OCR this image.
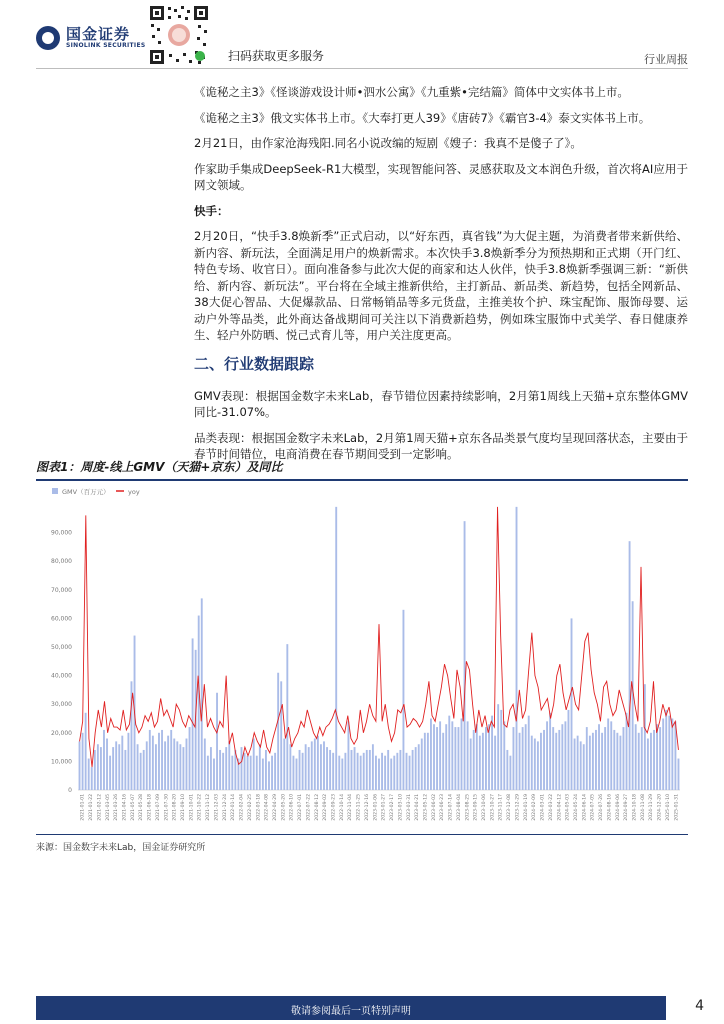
国金证券
SINOLINK SECURITIES
扫码获取更多服务	行业周报

《诡秘之主3》《怪谈游戏设计师•泗水公寓》《九重紫•完结篇》简体中文实体书上市。

《诡秘之主3》俄文实体书上市。《大奉打更人39》《唐砖7》《霸官3-4》泰文实体书上市。

2月21日，由作家沧海残阳.同名小说改编的短剧《嫂子：我真不是傻子了》。

作家助手集成DeepSeek-R1大模型，实现智能问答、灵感获取及文本润色升级，首次将AI应用于网文领域。

快手：

2月20日，“快手3.8焕新季”正式启动，以“好东西，真省钱”为大促主题，为消费者带来新供给、新内容、新玩法，全面满足用户的焕新需求。本次快手3.8焕新季分为预热期和正式期（开门红、特色专场、收官日）。面向准备参与此次大促的商家和达人伙伴，快手3.8焕新季强调三新：“新供给、新内容、新玩法”。平台将在全域主推新供给，主打新品、新品类、新趋势，包括全网新品、38大促心智品、大促爆款品、日常畅销品等多元货盘，主推美妆个护、珠宝配饰、服饰母婴、运动户外等品类，此外商达备战期间可关注以下消费新趋势，例如珠宝服饰中式美学、春日健康养生、轻户外防晒、悦己式育儿等，用户关注度更高。

二、行业数据跟踪

GMV表现：根据国金数字未来Lab，春节错位因素持续影响，2月第1周线上天猫+京东整体GMV同比-31.07%。

品类表现：根据国金数字未来Lab，2月第1周天猫+京东各品类景气度均呈现回落状态，主要由于春节时间错位，电商消费在春节期间受到一定影响。

图表1：周度-线上GMV（天猫+京东）及同比
GMV（百万元）	yoy
0
10,000
20,000
30,000
40,000
50,000
60,000
70,000
80,000
90,000
2021-01-01 2021-01-22 2021-02-12 2021-03-05 2021-03-26 2021-04-16 2021-05-07 2021-05-28 2021-06-18 2021-07-09 2021-07-30 2021-08-20 2021-09-10 2021-10-01 2021-10-22 2021-11-12 2021-12-03 2021-12-24 2022-01-14 2022-02-04 2022-02-25 2022-03-18 2022-04-08 2022-04-29 2022-05-20 2022-06-10 2022-07-01 2022-07-22 2022-08-12 2022-09-02 2022-09-23 2022-10-14 2022-11-04 2022-11-25 2022-12-16 2023-01-06 2023-01-27 2023-02-17 2023-03-10 2023-03-31 2023-04-21 2023-05-12 2023-06-02 2023-06-23 2023-07-14 2023-08-04 2023-08-25 2023-09-15 2023-10-06 2023-10-27 2023-11-17 2023-12-08 2023-12-29 2024-01-19 2024-02-09 2024-03-01 2024-03-22 2024-04-12 2024-05-03 2024-05-24 2024-06-14 2024-07-05 2024-07-26 2024-08-16 2024-09-06 2024-09-27 2024-10-18 2024-11-08 2024-11-29 2024-12-20 2025-01-10 2025-01-31
来源：国金数字未来Lab，国金证券研究所
敬请参阅最后一页特别声明	4
